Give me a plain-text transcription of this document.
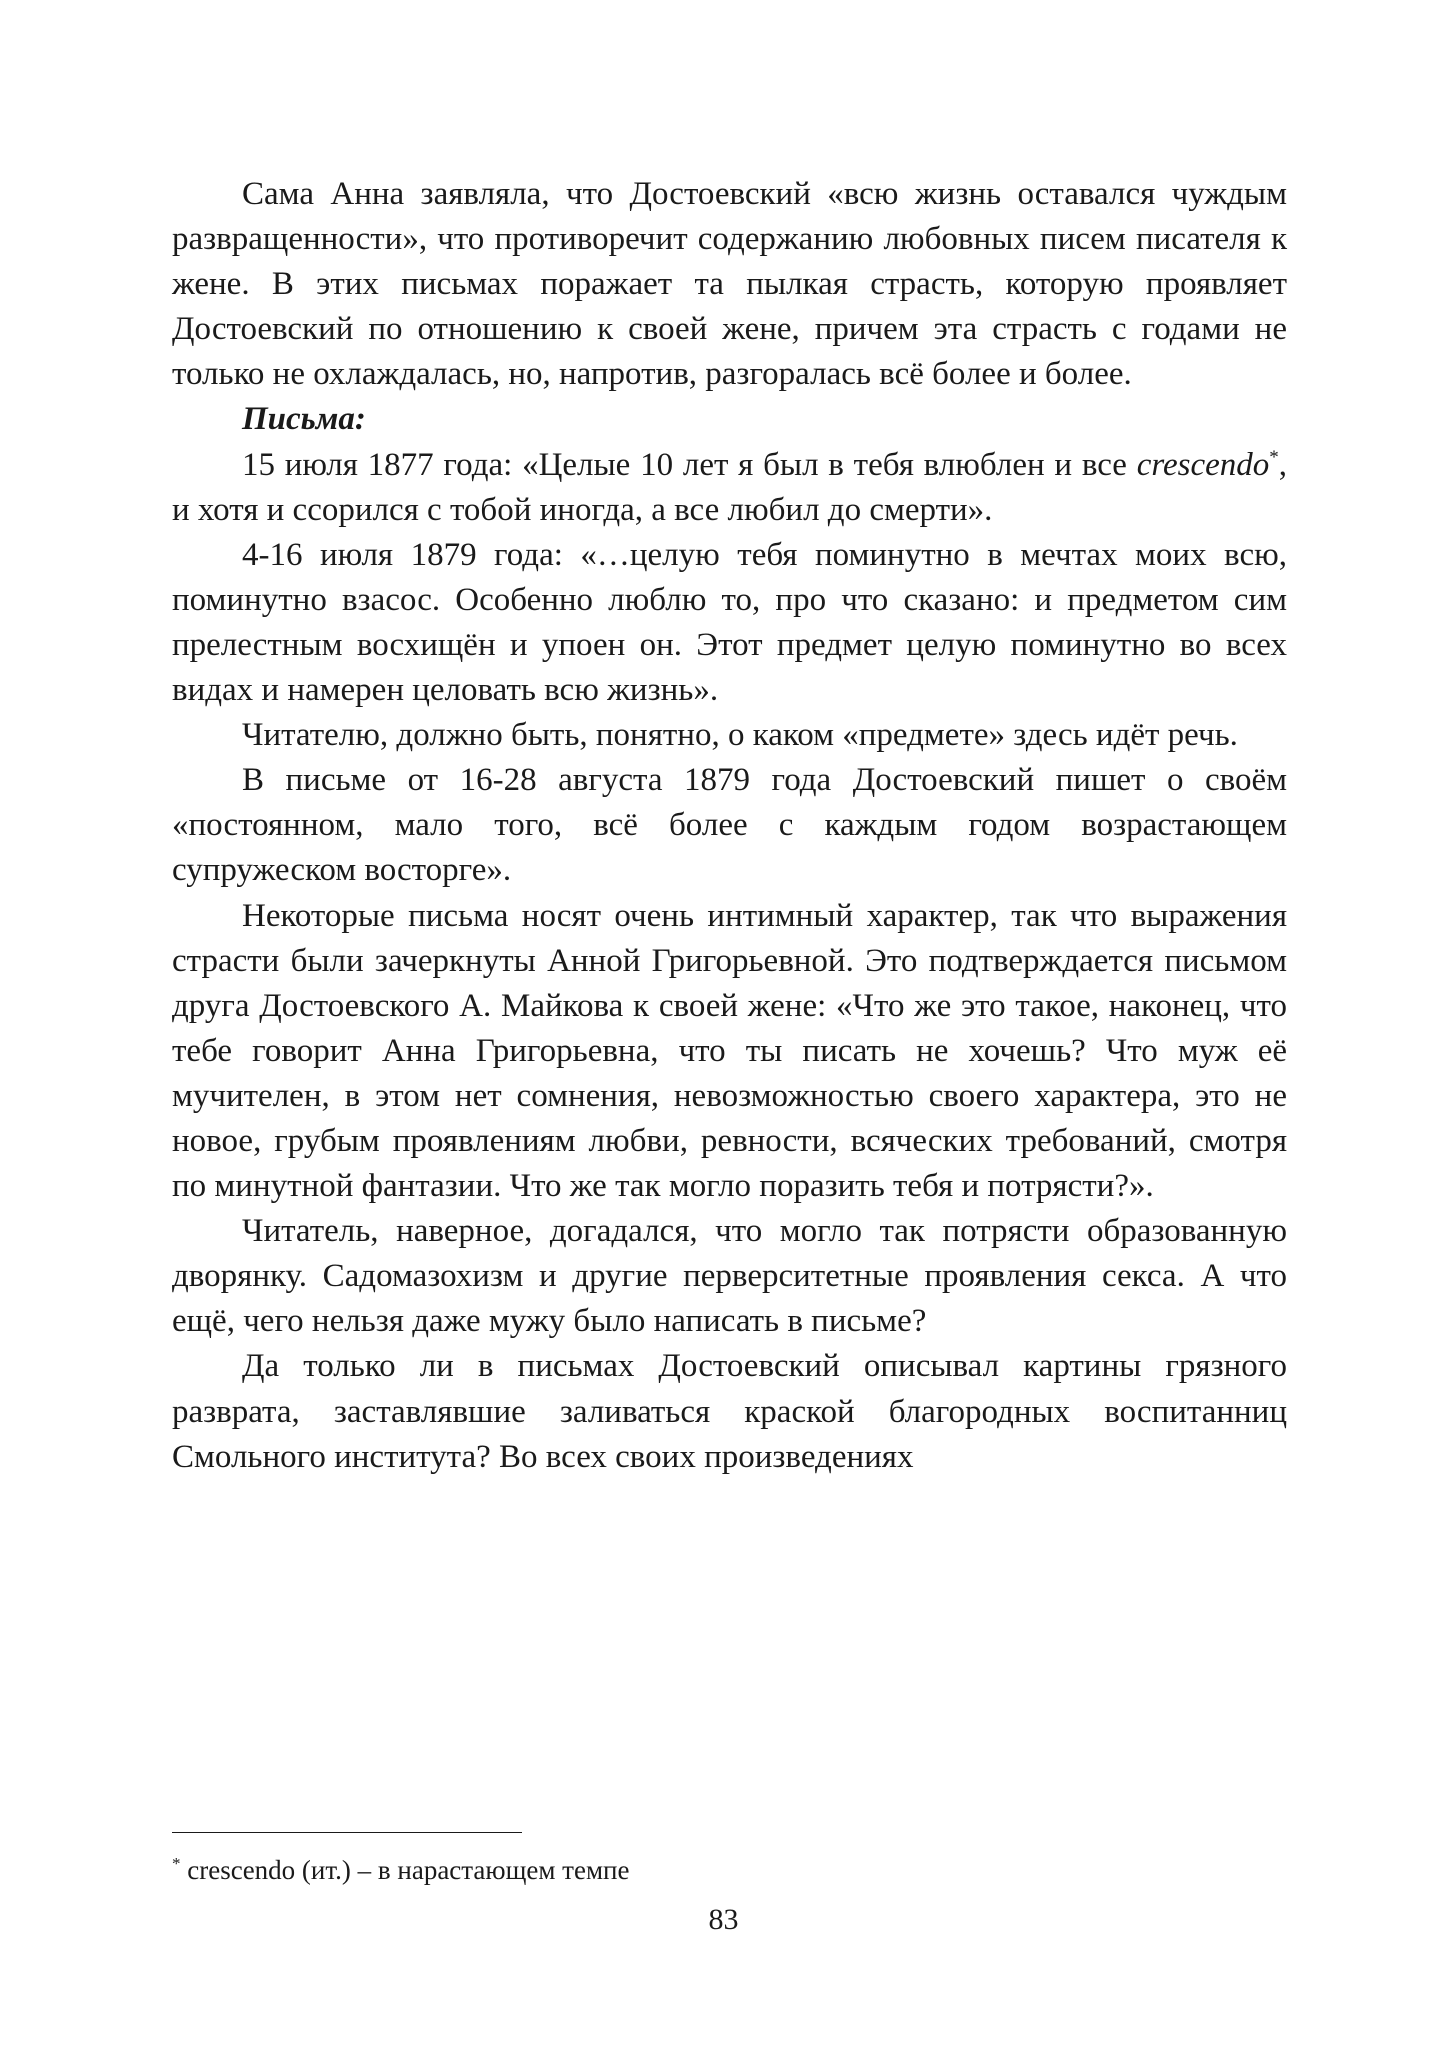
Сама Анна заявляла, что Достоевский «всю жизнь оставался чуждым развращенности», что противоречит содержанию любовных писем писателя к жене. В этих письмах поражает та пылкая страсть, которую проявляет Достоевский по отношению к своей жене, причем эта страсть с годами не только не охлаждалась, но, напротив, разгоралась всё более и более.

Письма:

15 июля 1877 года: «Целые 10 лет я был в тебя влюблен и все crescendo*, и хотя и ссорился с тобой иногда, а все любил до смерти».

4-16 июля 1879 года: «…целую тебя поминутно в мечтах моих всю, поминутно взасос. Особенно люблю то, про что сказано: и предметом сим прелестным восхищён и упоен он. Этот предмет целую поминутно во всех видах и намерен целовать всю жизнь».

Читателю, должно быть, понятно, о каком «предмете» здесь идёт речь.

В письме от 16-28 августа 1879 года Достоевский пишет о своём «постоянном, мало того, всё более с каждым годом возрастающем супружеском восторге».

Некоторые письма носят очень интимный характер, так что выражения страсти были зачеркнуты Анной Григорьевной. Это подтверждается письмом друга Достоевского А. Майкова к своей жене: «Что же это такое, наконец, что тебе говорит Анна Григорьевна, что ты писать не хочешь? Что муж её мучителен, в этом нет сомнения, невозможностью своего характера, это не новое, грубым проявлениям любви, ревности, всяческих требований, смотря по минутной фантазии. Что же так могло поразить тебя и потрясти?».

Читатель, наверное, догадался, что могло так потрясти образованную дворянку. Садомазохизм и другие перверситетные проявления секса. А что ещё, чего нельзя даже мужу было написать в письме?

Да только ли в письмах Достоевский описывал картины грязного разврата, заставлявшие заливаться краской благородных воспитанниц Смольного института? Во всех своих произведениях

* crescendo (ит.) – в нарастающем темпе
83
